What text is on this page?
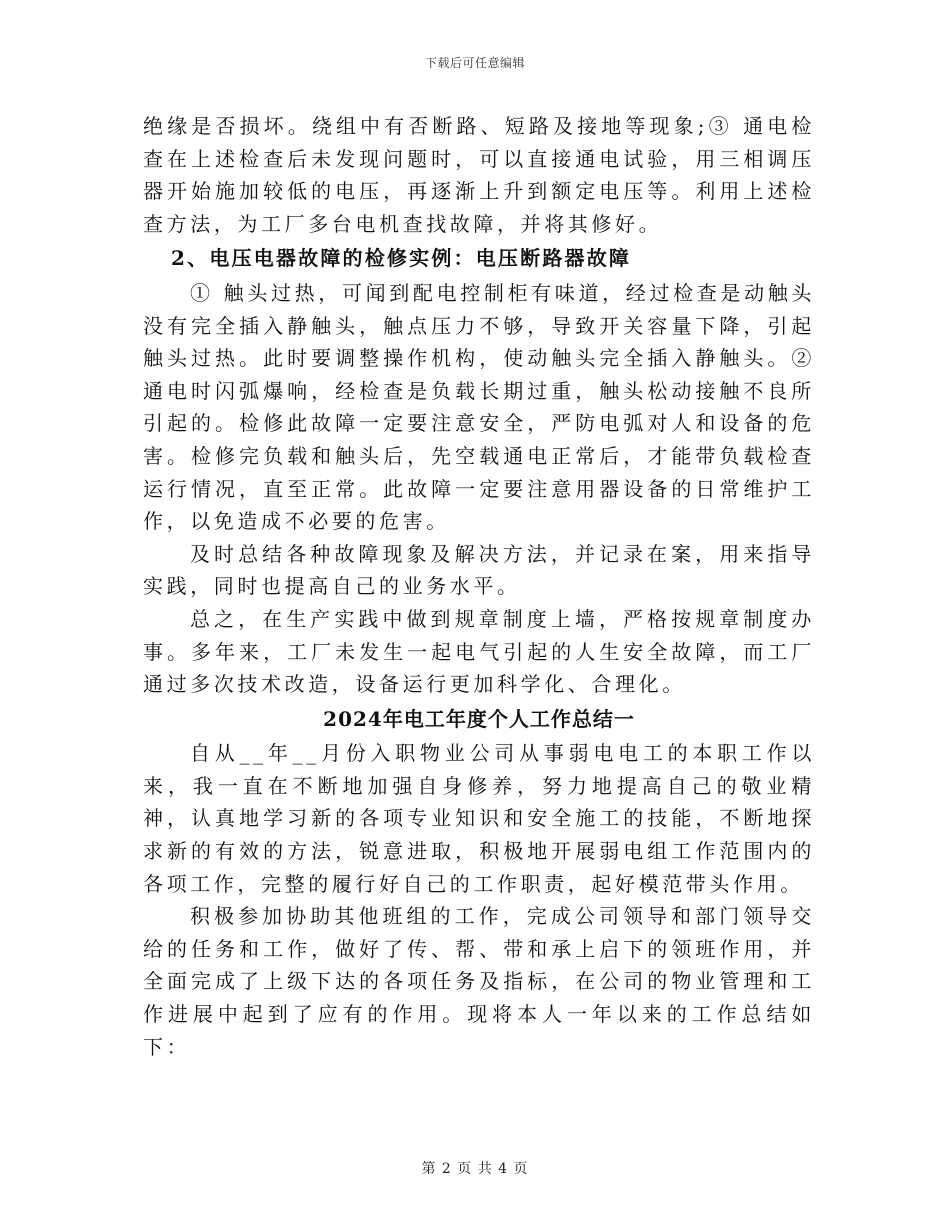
下载后可任意编辑

绝缘是否损坏。绕组中有否断路、短路及接地等现象;③ 通电检查在上述检查后未发现问题时，可以直接通电试验，用三相调压器开始施加较低的电压，再逐渐上升到额定电压等。利用上述检查方法，为工厂多台电机查找故障，并将其修好。

2、电压电器故障的检修实例：电压断路器故障

① 触头过热，可闻到配电控制柜有味道，经过检查是动触头没有完全插入静触头，触点压力不够，导致开关容量下降，引起触头过热。此时要调整操作机构，使动触头完全插入静触头。②通电时闪弧爆响，经检查是负载长期过重，触头松动接触不良所引起的。检修此故障一定要注意安全，严防电弧对人和设备的危害。检修完负载和触头后，先空载通电正常后，才能带负载检查运行情况，直至正常。此故障一定要注意用器设备的日常维护工作，以免造成不必要的危害。

及时总结各种故障现象及解决方法，并记录在案，用来指导实践，同时也提高自己的业务水平。

总之，在生产实践中做到规章制度上墙，严格按规章制度办事。多年来，工厂未发生一起电气引起的人生安全故障，而工厂通过多次技术改造，设备运行更加科学化、合理化。

2024年电工年度个人工作总结一

自从__年__月份入职物业公司从事弱电电工的本职工作以来，我一直在不断地加强自身修养，努力地提高自己的敬业精神，认真地学习新的各项专业知识和安全施工的技能，不断地探求新的有效的方法，锐意进取，积极地开展弱电组工作范围内的各项工作，完整的履行好自己的工作职责，起好模范带头作用。

积极参加协助其他班组的工作，完成公司领导和部门领导交给的任务和工作，做好了传、帮、带和承上启下的领班作用，并全面完成了上级下达的各项任务及指标，在公司的物业管理和工作进展中起到了应有的作用。现将本人一年以来的工作总结如下：

第 2 页 共 4 页
